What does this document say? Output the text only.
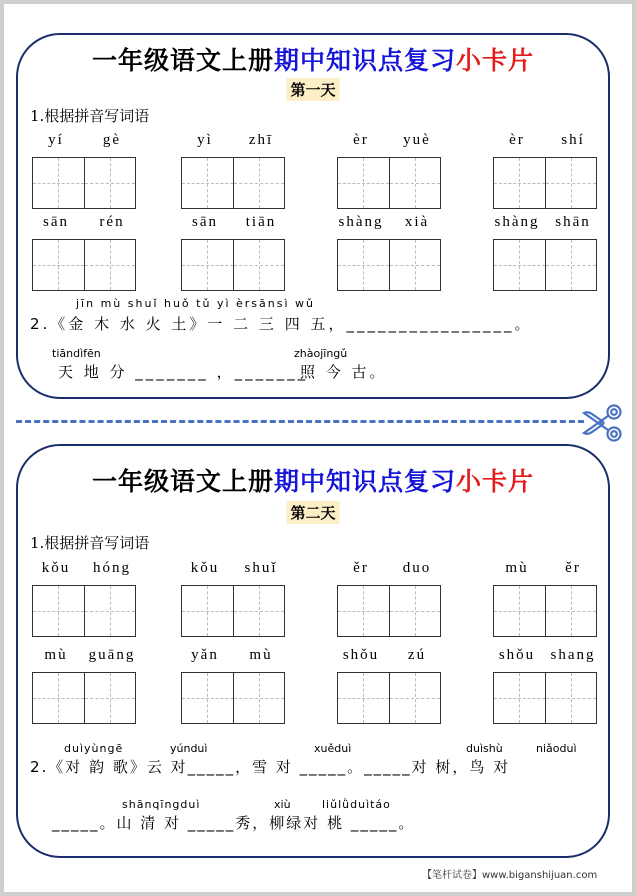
一年级语文上册期中知识点复习小卡片
第一天
1.根据拼音写词语
yí	gè	yì	zhī	èr	yuè	èr	shí
sān	rén	sān	tiān	shàng	xià	shàng	shān
jīn mù shuǐ huǒ tǔ yì èrsānsì wǔ
2.《金 木 水 火 土》一 二 三 四 五，________________。
tiāndìfēn	zhàojīngǔ
天 地 分 _______ ，_______
照 今 古。
一年级语文上册期中知识点复习小卡片
第二天
1.根据拼音写词语
kǒu	hóng	kǒu	shuǐ	ěr	duo	mù	ěr
mù	guāng	yǎn	mù	shǒu	zú	shǒu	shang
duìyùngē	yúnduì	xuěduì	duìshù	niǎoduì
2.《对 韵 歌》云 对_____，雪 对 _____。_____对 树，鸟 对
shānqīngduì	xiù	liǔlǜduìtáo
_____。山 清 对 _____秀，柳绿对 桃 _____。
【笔杆试卷】www.biganshijuan.com
